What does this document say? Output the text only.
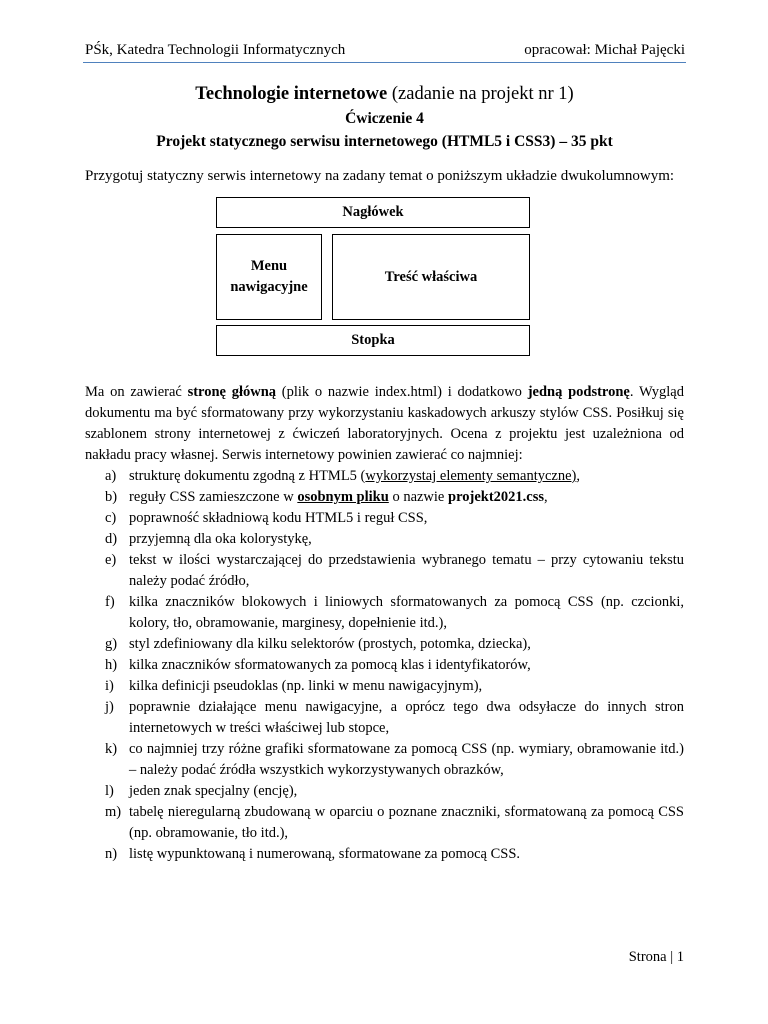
PŚk, Katedra Technologii Informatycznych	opracował: Michał Pajęcki
Technologie internetowe (zadanie na projekt nr 1)
Ćwiczenie 4
Projekt statycznego serwisu internetowego (HTML5 i CSS3) – 35 pkt
Przygotuj statyczny serwis internetowy na zadany temat o poniższym układzie dwukolumnowym:
Nagłówek
Menu
nawigacyjne
Treść właściwa
Stopka

Ma on zawierać stronę główną (plik o nazwie index.html) i dodatkowo jedną podstronę. Wygląd dokumentu ma być sformatowany przy wykorzystaniu kaskadowych arkuszy stylów CSS. Posiłkuj się szablonem strony internetowej z ćwiczeń laboratoryjnych. Ocena z projektu jest uzależniona od nakładu pracy własnej. Serwis internetowy powinien zawierać co najmniej:

a) strukturę dokumentu zgodną z HTML5 (wykorzystaj elementy semantyczne),
b) reguły CSS zamieszczone w osobnym pliku o nazwie projekt2021.css,
c) poprawność składniową kodu HTML5 i reguł CSS,
d) przyjemną dla oka kolorystykę,
e) tekst w ilości wystarczającej do przedstawienia wybranego tematu – przy cytowaniu tekstu należy podać źródło,
f) kilka znaczników blokowych i liniowych sformatowanych za pomocą CSS (np. czcionki, kolory, tło, obramowanie, marginesy, dopełnienie itd.),
g) styl zdefiniowany dla kilku selektorów (prostych, potomka, dziecka),
h) kilka znaczników sformatowanych za pomocą klas i identyfikatorów,
i) kilka definicji pseudoklas (np. linki w menu nawigacyjnym),
j) poprawnie działające menu nawigacyjne, a oprócz tego dwa odsyłacze do innych stron internetowych w treści właściwej lub stopce,
k) co najmniej trzy różne grafiki sformatowane za pomocą CSS (np. wymiary, obramowanie itd.) – należy podać źródła wszystkich wykorzystywanych obrazków,
l) jeden znak specjalny (encję),
m) tabelę nieregularną zbudowaną w oparciu o poznane znaczniki, sformatowaną za pomocą CSS (np. obramowanie, tło itd.),
n) listę wypunktowaną i numerowaną, sformatowane za pomocą CSS.
Strona | 1
